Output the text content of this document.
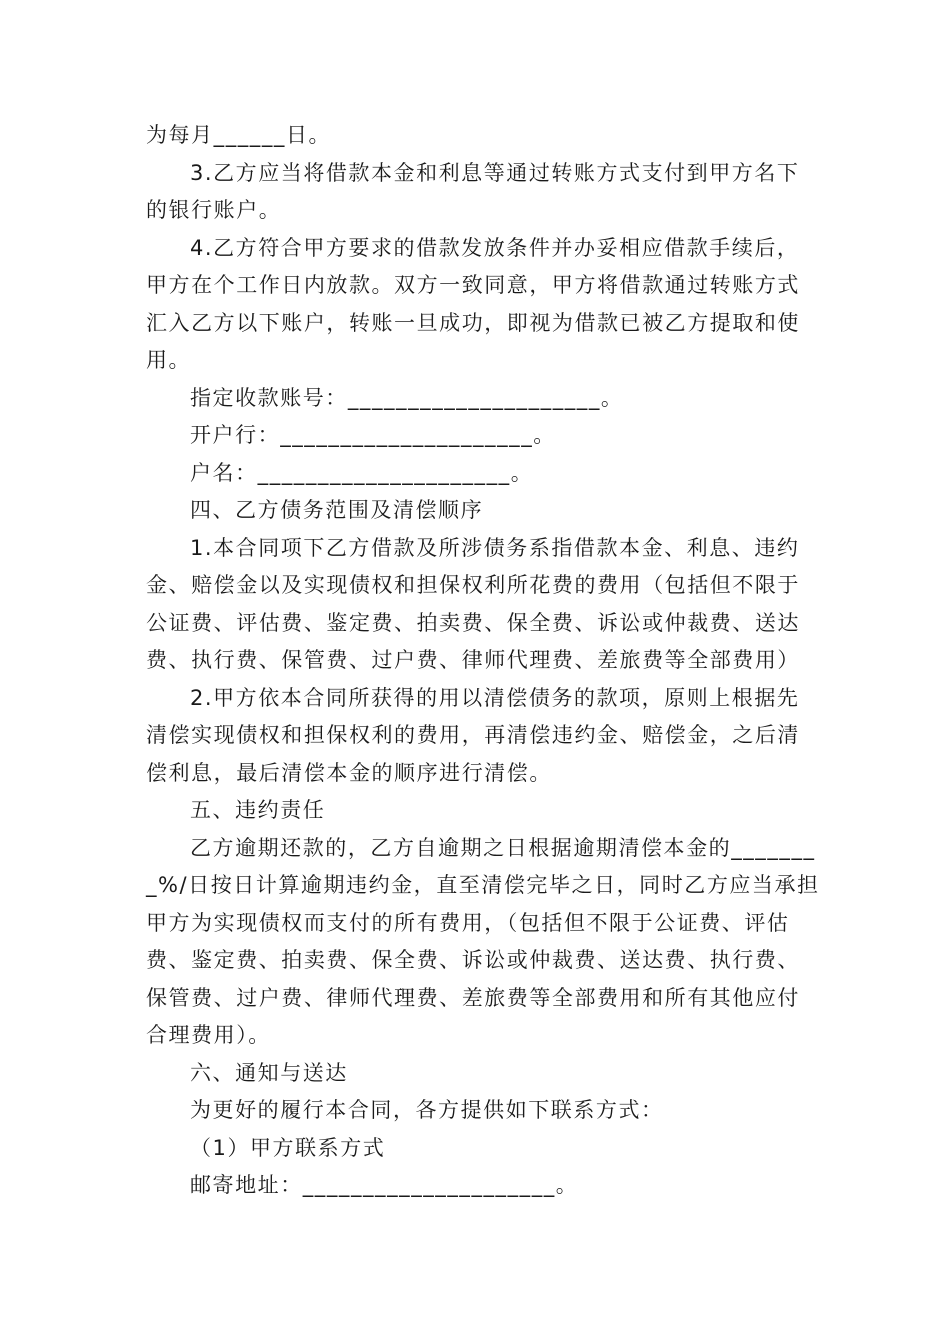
为每月______日。
3.乙方应当将借款本金和利息等通过转账方式支付到甲方名下
的银行账户。
4.乙方符合甲方要求的借款发放条件并办妥相应借款手续后，
甲方在个工作日内放款。双方一致同意，甲方将借款通过转账方式
汇入乙方以下账户，转账一旦成功，即视为借款已被乙方提取和使
用。
指定收款账号：_____________________。
开户行：_____________________。
户名：_____________________。
四、乙方债务范围及清偿顺序
1.本合同项下乙方借款及所涉债务系指借款本金、利息、违约
金、赔偿金以及实现债权和担保权利所花费的费用（包括但不限于
公证费、评估费、鉴定费、拍卖费、保全费、诉讼或仲裁费、送达
费、执行费、保管费、过户费、律师代理费、差旅费等全部费用）
2.甲方依本合同所获得的用以清偿债务的款项，原则上根据先
清偿实现债权和担保权利的费用，再清偿违约金、赔偿金，之后清
偿利息，最后清偿本金的顺序进行清偿。
五、违约责任
乙方逾期还款的，乙方自逾期之日根据逾期清偿本金的_______
_%/日按日计算逾期违约金，直至清偿完毕之日，同时乙方应当承担
甲方为实现债权而支付的所有费用，（包括但不限于公证费、评估
费、鉴定费、拍卖费、保全费、诉讼或仲裁费、送达费、执行费、
保管费、过户费、律师代理费、差旅费等全部费用和所有其他应付
合理费用）。
六、通知与送达
为更好的履行本合同，各方提供如下联系方式：
（1）甲方联系方式
邮寄地址：_____________________。
